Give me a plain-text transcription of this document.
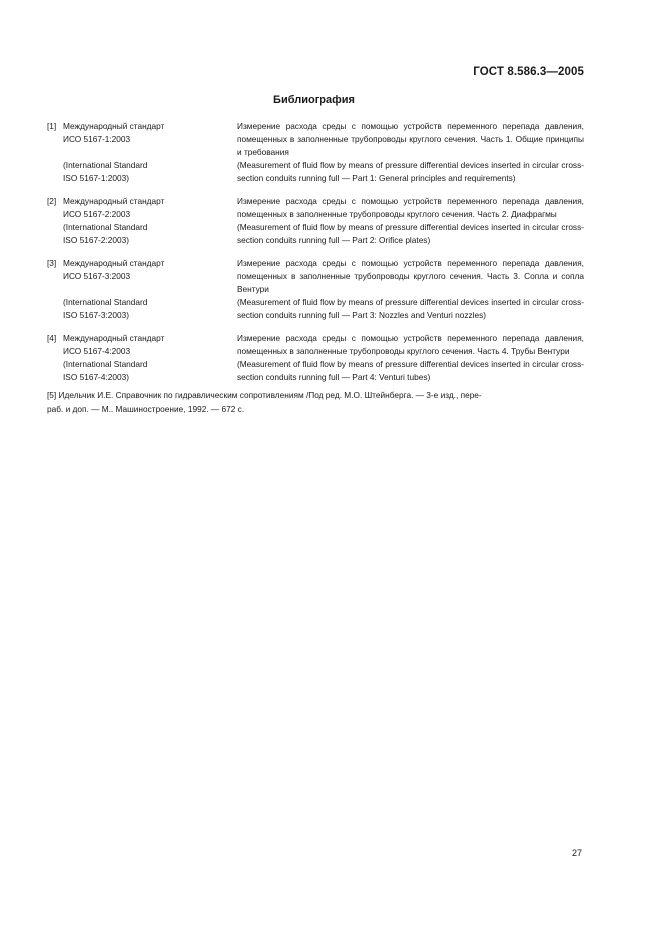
ГОСТ 8.586.3—2005
Библиография
[1] Международный стандарт
ИСО 5167-1:2003
Измерение расхода среды с помощью устройств переменного перепада давления, помещенных в заполненные трубопроводы круглого сечения. Часть 1. Общие принципы и требования
(International Standard
ISO 5167-1:2003)
(Measurement of fluid flow by means of pressure differential devices inserted in circular cross-section conduits running full — Part 1: General principles and requirements)
[2] Международный стандарт
ИСО 5167-2:2003
Измерение расхода среды с помощью устройств переменного перепада давления, помещенных в заполненные трубопроводы круглого сечения. Часть 2. Диафрагмы
(International Standard
ISO 5167-2:2003)
(Measurement of fluid flow by means of pressure differential devices inserted in circular cross-section conduits running full — Part 2: Orifice plates)
[3] Международный стандарт
ИСО 5167-3:2003
Измерение расхода среды с помощью устройств переменного перепада давления, помещенных в заполненные трубопроводы круглого сечения. Часть 3. Сопла и сопла Вентури
(International Standard
ISO 5167-3:2003)
(Measurement of fluid flow by means of pressure differential devices inserted in circular cross-section conduits running full — Part 3: Nozzles and Venturi nozzles)
[4] Международный стандарт
ИСО 5167-4:2003
Измерение расхода среды с помощью устройств переменного перепада давления, помещенных в заполненные трубопроводы круглого сечения. Часть 4. Трубы Вентури
(International Standard
ISO 5167-4:2003)
(Measurement of fluid flow by means of pressure differential devices inserted in circular cross-section conduits running full — Part 4: Venturi tubes)
[5] Идельчик И.Е. Справочник по гидравлическим сопротивлениям /Под ред. М.О. Штейнберга. — 3-е изд., пере-
раб. и доп. — М.. Машиностроение, 1992. — 672 с.
27
